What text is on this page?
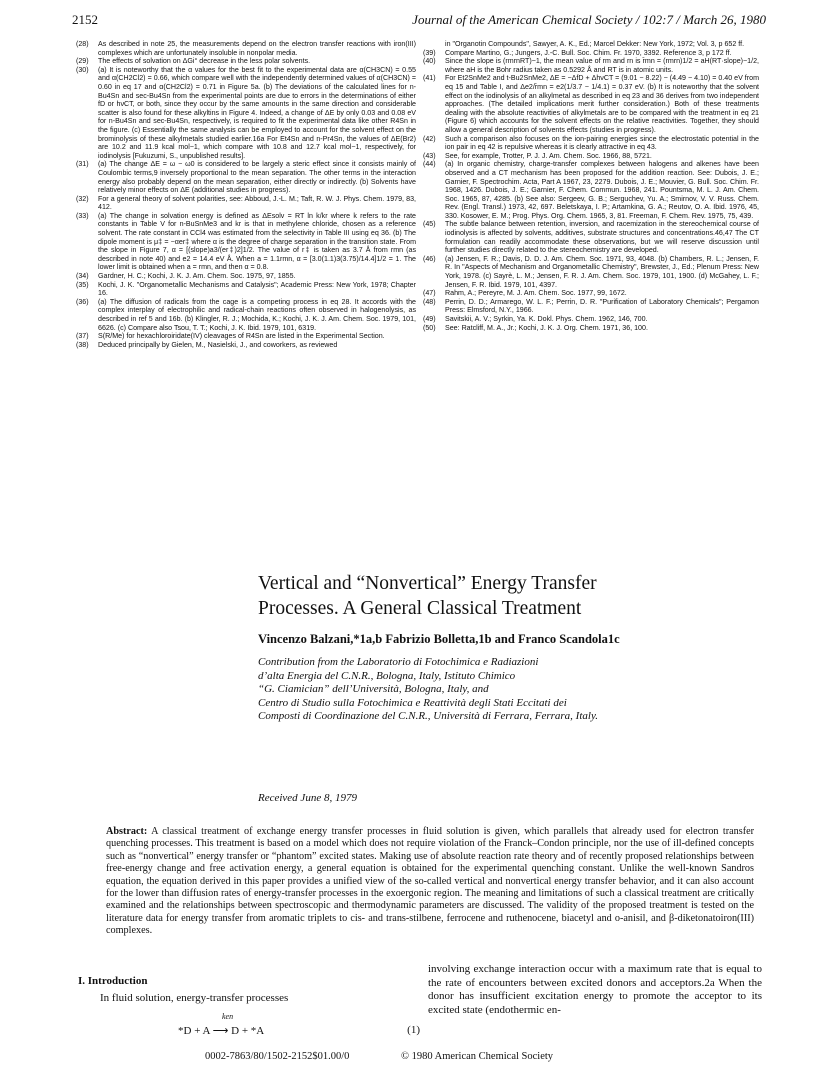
2152	Journal of the American Chemical Society / 102:7 / March 26, 1980
(28)	As described in note 25, the measurements depend on the electron transfer reactions with iron(III) complexes which are unfortunately insoluble in nonpolar media.
(29)	The effects of solvation on ΔGi° decrease in the less polar solvents.
(30)	(a) It is noteworthy that the α values for the best fit to the experimental data are α(CH3CN) = 0.55 and α(CH2Cl2) = 0.66, which compare well with the independently determined values of α(CH3CN) = 0.60 in eq 17 and α(CH2Cl2) = 0.71 in Figure 5a. (b) The deviations of the calculated lines for n-Bu4Sn and sec-Bu4Sn from the experimental points are due to errors in the determinations of either fD or hνCT, or both, since they occur by the same amounts in the same direction and considerable scatter is also found for these alkyltins in Figure 4. Indeed, a change of ΔE by only 0.03 and 0.08 eV for n-Bu4Sn and sec-Bu4Sn, respectively, is required to fit the experimental data like other R4Sn in the figure. (c) Essentially the same analysis can be employed to account for the solvent effect on the brominolysis of these alkylmetals studied earlier.16a For Et4Sn and n-Pr4Sn, the values of ΔE(Br2) are 10.2 and 11.9 kcal mol−1, which compare with 10.8 and 12.7 kcal mol−1, respectively, for iodinolysis [Fukuzumi, S., unpublished results].
(31)	(a) The change ΔE = ω − ω0 is considered to be largely a steric effect since it consists mainly of Coulombic terms,9 inversely proportional to the mean separation. The other terms in the interaction energy also probably depend on the mean separation, either directly or indirectly. (b) Solvents have relatively minor effects on ΔE (additional studies in progress).
(32)	For a general theory of solvent polarities, see: Abboud, J.-L. M.; Taft, R. W. J. Phys. Chem. 1979, 83, 412.
(33)	(a) The change in solvation energy is defined as ΔEsolv = RT ln k/kr where k refers to the rate constants in Table V for n-BuSnMe3 and kr is that in methylene chloride, chosen as a reference solvent. The rate constant in CCl4 was estimated from the selectivity in Table III using eq 36. (b) The dipole moment is μ‡ = −αer‡ where α is the degree of charge separation in the transition state. From the slope in Figure 7, α = [(slope)a3/(er‡)2]1/2. The value of r‡ is taken as 3.7 Å from rmn (as described in note 40) and e2 = 14.4 eV Å. When a = 1.1rmn, α = [3.0(1.1)3(3.75)/14.4]1/2 = 1. The lower limit is obtained when a = rmn, and then α = 0.8.
(34)	Gardner, H. C.; Kochi, J. K. J. Am. Chem. Soc. 1975, 97, 1855.
(35)	Kochi, J. K. "Organometallic Mechanisms and Catalysis"; Academic Press: New York, 1978; Chapter 16.
(36)	(a) The diffusion of radicals from the cage is a competing process in eq 28. It accords with the complex interplay of electrophilic and radical-chain reactions often observed in halogenolysis, as described in ref 5 and 16b. (b) Klingler, R. J.; Mochida, K.; Kochi, J. K. J. Am. Chem. Soc. 1979, 101, 6626. (c) Compare also Tsou, T. T.; Kochi, J. K. Ibid. 1979, 101, 6319.
(37)	S(R/Me) for hexachloroiridate(IV) cleavages of R4Sn are listed in the Experimental Section.
(38)	Deduced principally by Gielen, M., Nasielski, J., and coworkers, as reviewed
in "Organotin Compounds", Sawyer, A. K., Ed.; Marcel Dekker: New York, 1972; Vol. 3, p 652 ff.
(39)	Compare Martino, G.; Jungers, J.-C. Bull. Soc. Chim. Fr. 1970, 3392. Reference 3, p 172 ff.
(40)	Since the slope is (rmrnRT)−1, the mean value of rm and rn is r̄mn = (rmrn)1/2 = aH(RT·slope)−1/2, where aH is the Bohr radius taken as 0.5292 Å and RT is in atomic units.
(41)	For Et2SnMe2 and t-Bu2SnMe2, ΔE = −ΔfD + ΔhνCT = (9.01 − 8.22) − (4.49 − 4.10) = 0.40 eV from eq 15 and Table I, and Δe2/r̄mn = e2(1/3.7 − 1/4.1) = 0.37 eV. (b) It is noteworthy that the solvent effect on the iodinolysis of an alkylmetal as described in eq 23 and 36 derives from two independent approaches. (The detailed implications merit further consideration.) Both of these treatments dealing with the absolute reactivities of alkylmetals are to be compared with the treatment in eq 21 (Figure 6) which accounts for the solvent effects on the relative reactivities. Together, they should allow a general description of solvents effects (studies in progress).
(42)	Such a comparison also focuses on the ion-pairing energies since the electrostatic potential in the ion pair in eq 42 is repulsive whereas it is clearly attractive in eq 43.
(43)	See, for example, Trotter, P. J. J. Am. Chem. Soc. 1966, 88, 5721.
(44)	(a) In organic chemistry, charge-transfer complexes between halogens and alkenes have been observed and a CT mechanism has been proposed for the addition reaction. See: Dubois, J. E.; Garnier, F. Spectrochim. Acta, Part A 1967, 23, 2279. Dubois, J. E.; Mouvier, G. Bull. Soc. Chim. Fr. 1968, 1426. Dubois, J. E.; Garnier, F. Chem. Commun. 1968, 241. Pountsma, M. L. J. Am. Chem. Soc. 1965, 87, 4285. (b) See also: Sergeev, G. B.; Serguchev, Yu. A.; Smirnov, V. V. Russ. Chem. Rev. (Engl. Transl.) 1973, 42, 697. Beletskaya, I. P.; Artamkina, G. A.; Reutov, O. A. Ibid. 1976, 45, 330. Kosower, E. M.; Prog. Phys. Org. Chem. 1965, 3, 81. Freeman, F. Chem. Rev. 1975, 75, 439.
(45)	The subtle balance between retention, inversion, and racemization in the stereochemical course of iodinolysis is affected by solvents, additives, substrate structures and concentrations.46,47 The CT formulation can readily accommodate these observations, but we will reserve discussion until further studies directly related to the stereochemistry are developed.
(46)	(a) Jensen, F. R.; Davis, D. D. J. Am. Chem. Soc. 1971, 93, 4048. (b) Chambers, R. L.; Jensen, F. R. In "Aspects of Mechanism and Organometallic Chemistry", Brewster, J., Ed.; Plenum Press: New York, 1978. (c) Sayrè, L. M.; Jensen, F. R. J. Am. Chem. Soc. 1979, 101, 1900. (d) McGahey, L. F.; Jensen, F. R. Ibid. 1979, 101, 4397.
(47)	Rahm, A.; Pereyre, M. J. Am. Chem. Soc. 1977, 99, 1672.
(48)	Perrin, D. D.; Armarego, W. L. F.; Perrin, D. R. "Purification of Laboratory Chemicals"; Pergamon Press: Elmsford, N.Y., 1966.
(49)	Savitskii, A. V.; Syrkin, Ya. K. Dokl. Phys. Chem. 1962, 146, 700.
(50)	See: Ratcliff, M. A., Jr.; Kochi, J. K. J. Org. Chem. 1971, 36, 100.
Vertical and “Nonvertical” Energy Transfer
Processes. A General Classical Treatment
Vincenzo Balzani,*1a,b Fabrizio Bolletta,1b and Franco Scandola1c
Contribution from the Laboratorio di Fotochimica e Radiazioni
d’alta Energia del C.N.R., Bologna, Italy, Istituto Chimico
“G. Ciamician” dell’Università, Bologna, Italy, and
Centro di Studio sulla Fotochimica e Reattività degli Stati Eccitati dei
Composti di Coordinazione del C.N.R., Università di Ferrara, Ferrara, Italy.
Received June 8, 1979
Abstract: A classical treatment of exchange energy transfer processes in fluid solution is given, which parallels that already used for electron transfer quenching processes. This treatment is based on a model which does not require violation of the Franck–Condon principle, nor the use of ill-defined concepts such as “nonvertical” energy transfer or “phantom” excited states. Making use of absolute reaction rate theory and of recently proposed relationships between free-energy change and free activation energy, a general equation is obtained for the experimental quenching constant. Unlike the well-known Sandros equation, the equation derived in this paper provides a unified view of the so-called vertical and nonvertical energy transfer behavior, and it can also account for the lower than diffusion rates of energy-transfer processes in the exoergonic region. The meaning and limitations of such a classical treatment are critically examined and the relationships between spectroscopic and thermodynamic parameters are discussed. The validity of the proposed treatment is tested on the literature data for energy transfer from aromatic triplets to cis- and trans-stilbene, ferrocene and ruthenocene, biacetyl and o-anisil, and β-diketonatoiron(III) complexes.
I. Introduction
In fluid solution, energy-transfer processes
ken
*D + A ⟶ D + *A	(1)
involving exchange interaction occur with a maximum rate that is equal to the rate of encounters between excited donors and acceptors.2a When the donor has insufficient excitation energy to promote the acceptor to its excited state (endothermic en-
0002-7863/80/1502-2152$01.00/0	© 1980 American Chemical Society
